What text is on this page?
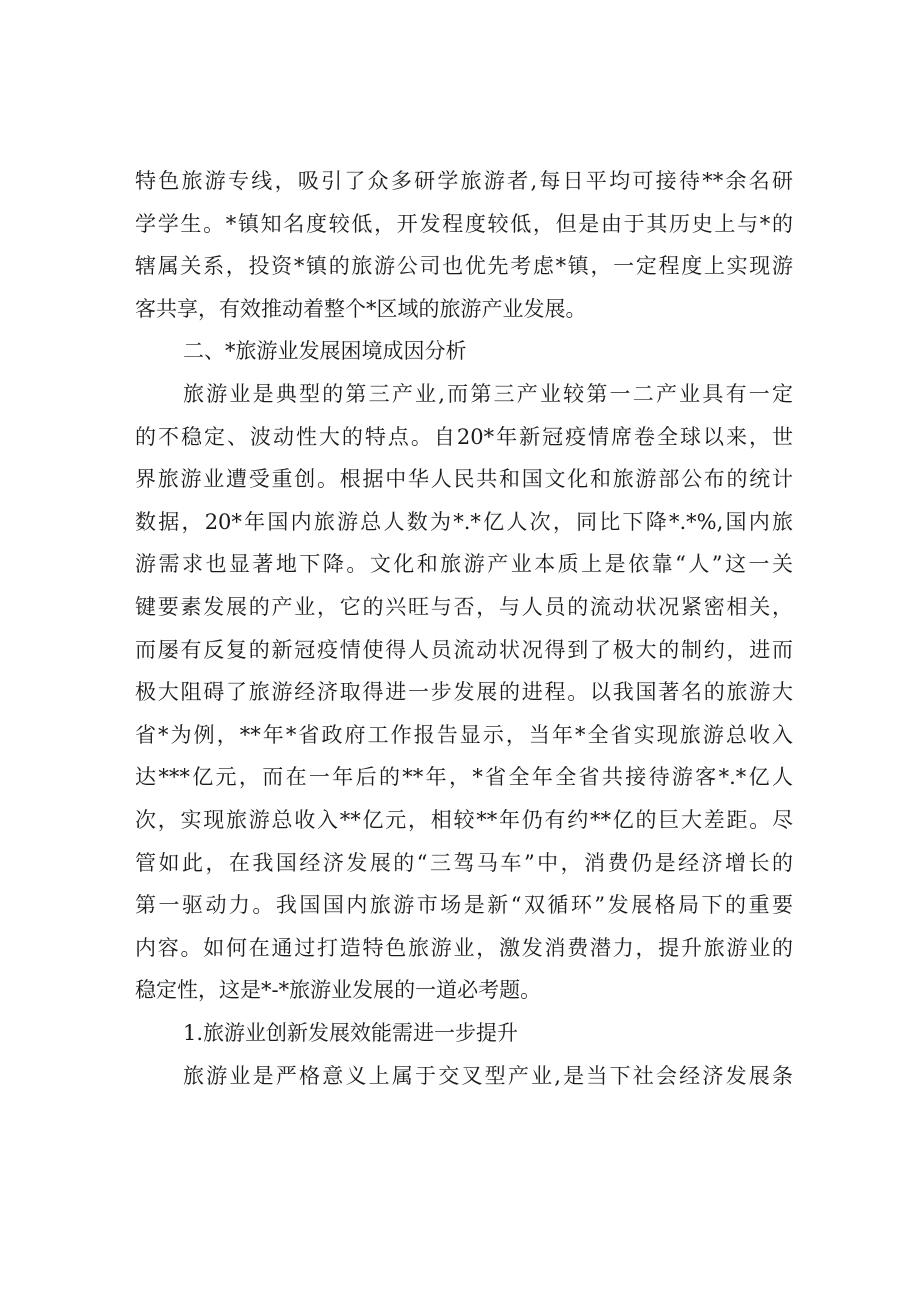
特色旅游专线，吸引了众多研学旅游者,每日平均可接待**余名研
学学生。*镇知名度较低，开发程度较低，但是由于其历史上与*的
辖属关系，投资*镇的旅游公司也优先考虑*镇，一定程度上实现游
客共享，有效推动着整个*区域的旅游产业发展。
二、*旅游业发展困境成因分析
旅游业是典型的第三产业,而第三产业较第一二产业具有一定
的不稳定、波动性大的特点。自20*年新冠疫情席卷全球以来，世
界旅游业遭受重创。根据中华人民共和国文化和旅游部公布的统计
数据，20*年国内旅游总人数为*.*亿人次，同比下降*.*%,国内旅
游需求也显著地下降。文化和旅游产业本质上是依靠“人”这一关
键要素发展的产业，它的兴旺与否，与人员的流动状况紧密相关，
而屡有反复的新冠疫情使得人员流动状况得到了极大的制约，进而
极大阻碍了旅游经济取得进一步发展的进程。以我国著名的旅游大
省*为例，**年*省政府工作报告显示，当年*全省实现旅游总收入
达***亿元，而在一年后的**年，*省全年全省共接待游客*.*亿人
次，实现旅游总收入**亿元，相较**年仍有约**亿的巨大差距。尽
管如此，在我国经济发展的“三驾马车”中，消费仍是经济增长的
第一驱动力。我国国内旅游市场是新“双循环”发展格局下的重要
内容。如何在通过打造特色旅游业，激发消费潜力，提升旅游业的
稳定性，这是*-*旅游业发展的一道必考题。
1.旅游业创新发展效能需进一步提升
旅游业是严格意义上属于交叉型产业,是当下社会经济发展条
